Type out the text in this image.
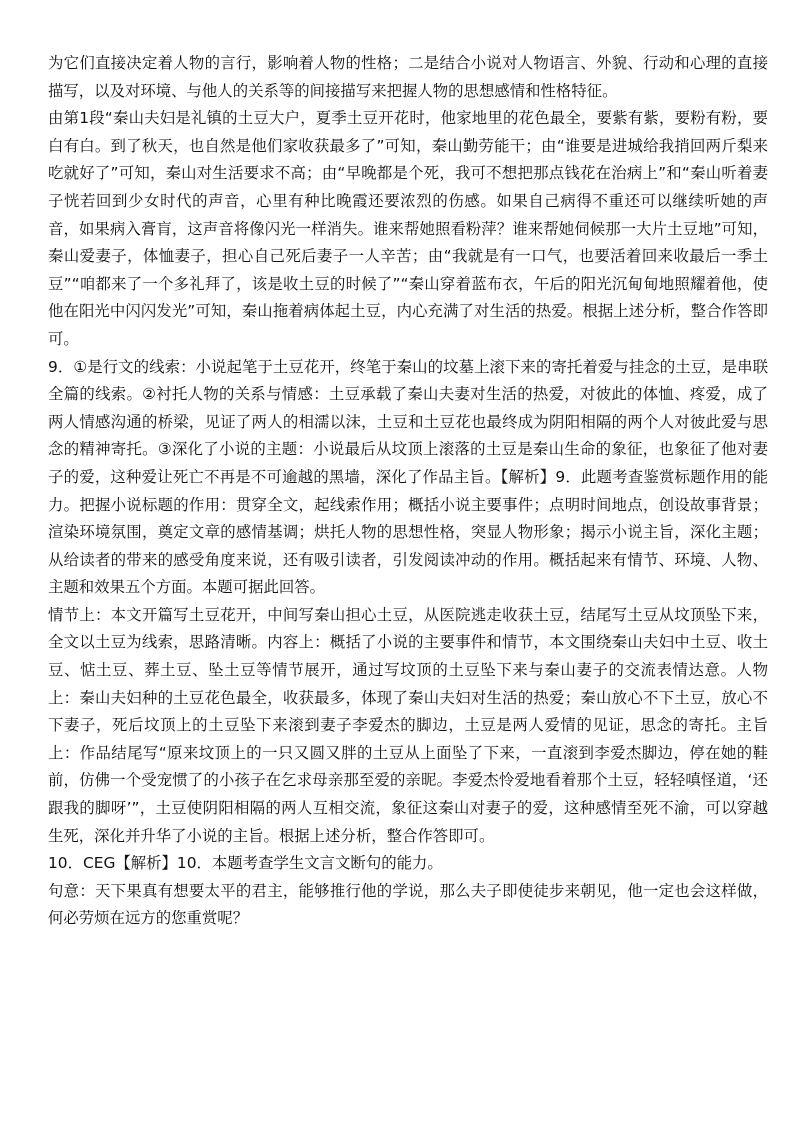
为它们直接决定着人物的言行，影响着人物的性格；二是结合小说对人物语言、外貌、行动和心理的直接描写，以及对环境、与他人的关系等的间接描写来把握人物的思想感情和性格特征。

由第1段“秦山夫妇是礼镇的土豆大户，夏季土豆开花时，他家地里的花色最全，要紫有紫，要粉有粉，要白有白。到了秋天，也自然是他们家收获最多了”可知，秦山勤劳能干；由“谁要是进城给我捎回两斤梨来吃就好了”可知，秦山对生活要求不高；由“早晚都是个死，我可不想把那点钱花在治病上”和“秦山听着妻子恍若回到少女时代的声音，心里有种比晚霞还要浓烈的伤感。如果自己病得不重还可以继续听她的声音，如果病入膏肓，这声音将像闪光一样消失。谁来帮她照看粉萍？谁来帮她伺候那一大片土豆地”可知，秦山爱妻子，体恤妻子，担心自己死后妻子一人辛苦；由“我就是有一口气，也要活着回来收最后一季土豆”“咱都来了一个多礼拜了，该是收土豆的时候了”“秦山穿着蓝布衣，午后的阳光沉甸甸地照耀着他，使他在阳光中闪闪发光”可知，秦山拖着病体起土豆，内心充满了对生活的热爱。根据上述分析，整合作答即可。

9．①是行文的线索：小说起笔于土豆花开，终笔于秦山的坟墓上滚下来的寄托着爱与挂念的土豆，是串联全篇的线索。②衬托人物的关系与情感：土豆承载了秦山夫妻对生活的热爱，对彼此的体恤、疼爱，成了两人情感沟通的桥梁，见证了两人的相濡以沫，土豆和土豆花也最终成为阴阳相隔的两个人对彼此爱与思念的精神寄托。③深化了小说的主题：小说最后从坟顶上滚落的土豆是秦山生命的象征，也象征了他对妻子的爱，这种爱让死亡不再是不可逾越的黑墙，深化了作品主旨。【解析】9．此题考查鉴赏标题作用的能力。把握小说标题的作用：贯穿全文，起线索作用；概括小说主要事件；点明时间地点，创设故事背景；渲染环境氛围，奠定文章的感情基调；烘托人物的思想性格，突显人物形象；揭示小说主旨，深化主题；从给读者的带来的感受角度来说，还有吸引读者，引发阅读冲动的作用。概括起来有情节、环境、人物、主题和效果五个方面。本题可据此回答。

情节上：本文开篇写土豆花开，中间写秦山担心土豆，从医院逃走收获土豆，结尾写土豆从坟顶坠下来，全文以土豆为线索，思路清晰。内容上：概括了小说的主要事件和情节，本文围绕秦山夫妇中土豆、收土豆、惦土豆、葬土豆、坠土豆等情节展开，通过写坟顶的土豆坠下来与秦山妻子的交流表情达意。人物上：秦山夫妇种的土豆花色最全，收获最多，体现了秦山夫妇对生活的热爱；秦山放心不下土豆，放心不下妻子，死后坟顶上的土豆坠下来滚到妻子李爱杰的脚边，土豆是两人爱情的见证，思念的寄托。主旨上：作品结尾写“原来坟顶上的一只又圆又胖的土豆从上面坠了下来，一直滚到李爱杰脚边，停在她的鞋前，仿佛一个受宠惯了的小孩子在乞求母亲那至爱的亲昵。李爱杰怜爱地看着那个土豆，轻轻嗔怪道，‘还跟我的脚呀’”，土豆使阴阳相隔的两人互相交流，象征这秦山对妻子的爱，这种感情至死不渝，可以穿越生死，深化并升华了小说的主旨。根据上述分析，整合作答即可。

10．CEG【解析】10．本题考查学生文言文断句的能力。

句意：天下果真有想要太平的君主，能够推行他的学说，那么夫子即使徒步来朝见，他一定也会这样做，何必劳烦在远方的您重赏呢？
